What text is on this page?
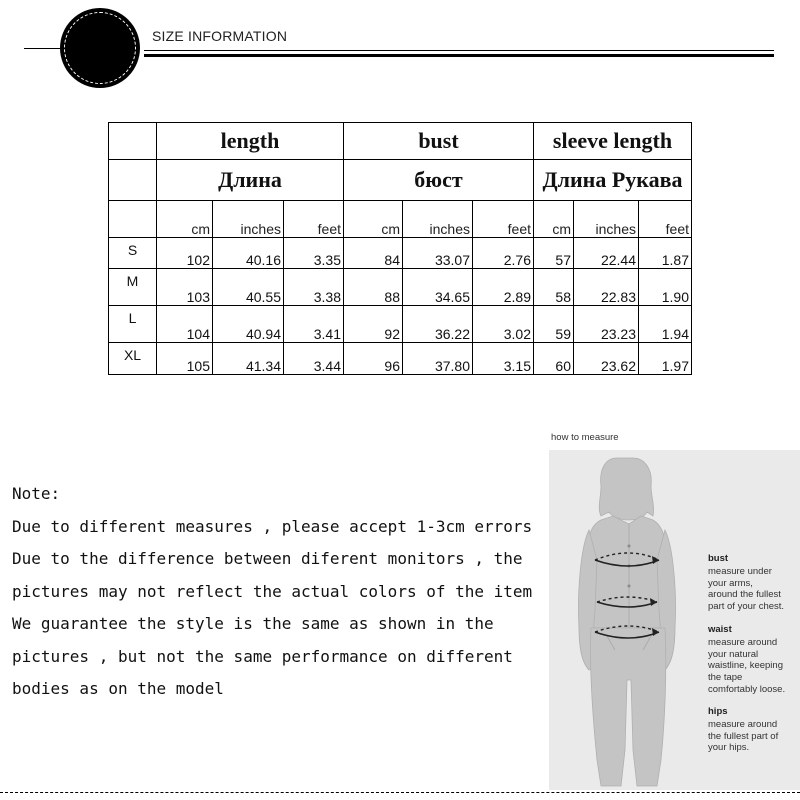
SIZE INFORMATION
	length			bust			sleeve length		
	Длина			бюст			Длина Рукава		
	cm	inches	feet	cm	inches	feet	cm	inches	feet
S	102	40.16	3.35	84	33.07	2.76	57	22.44	1.87
M	103	40.55	3.38	88	34.65	2.89	58	22.83	1.90
L	104	40.94	3.41	92	36.22	3.02	59	23.23	1.94
XL	105	41.34	3.44	96	37.80	3.15	60	23.62	1.97
Note:
Due to different measures , please accept 1-3cm errors
Due to the difference between diferent monitors , the
pictures may not reflect the actual colors of the item
We guarantee the style is the same as shown in the
pictures , but not the same performance on different
bodies as on the model
how to measure
bust
measure under
your arms,
around the fullest
part of your chest.
waist
measure around
your natural
waistline, keeping
the tape
comfortably loose.
hips
measure around
the fullest part of
your hips.
